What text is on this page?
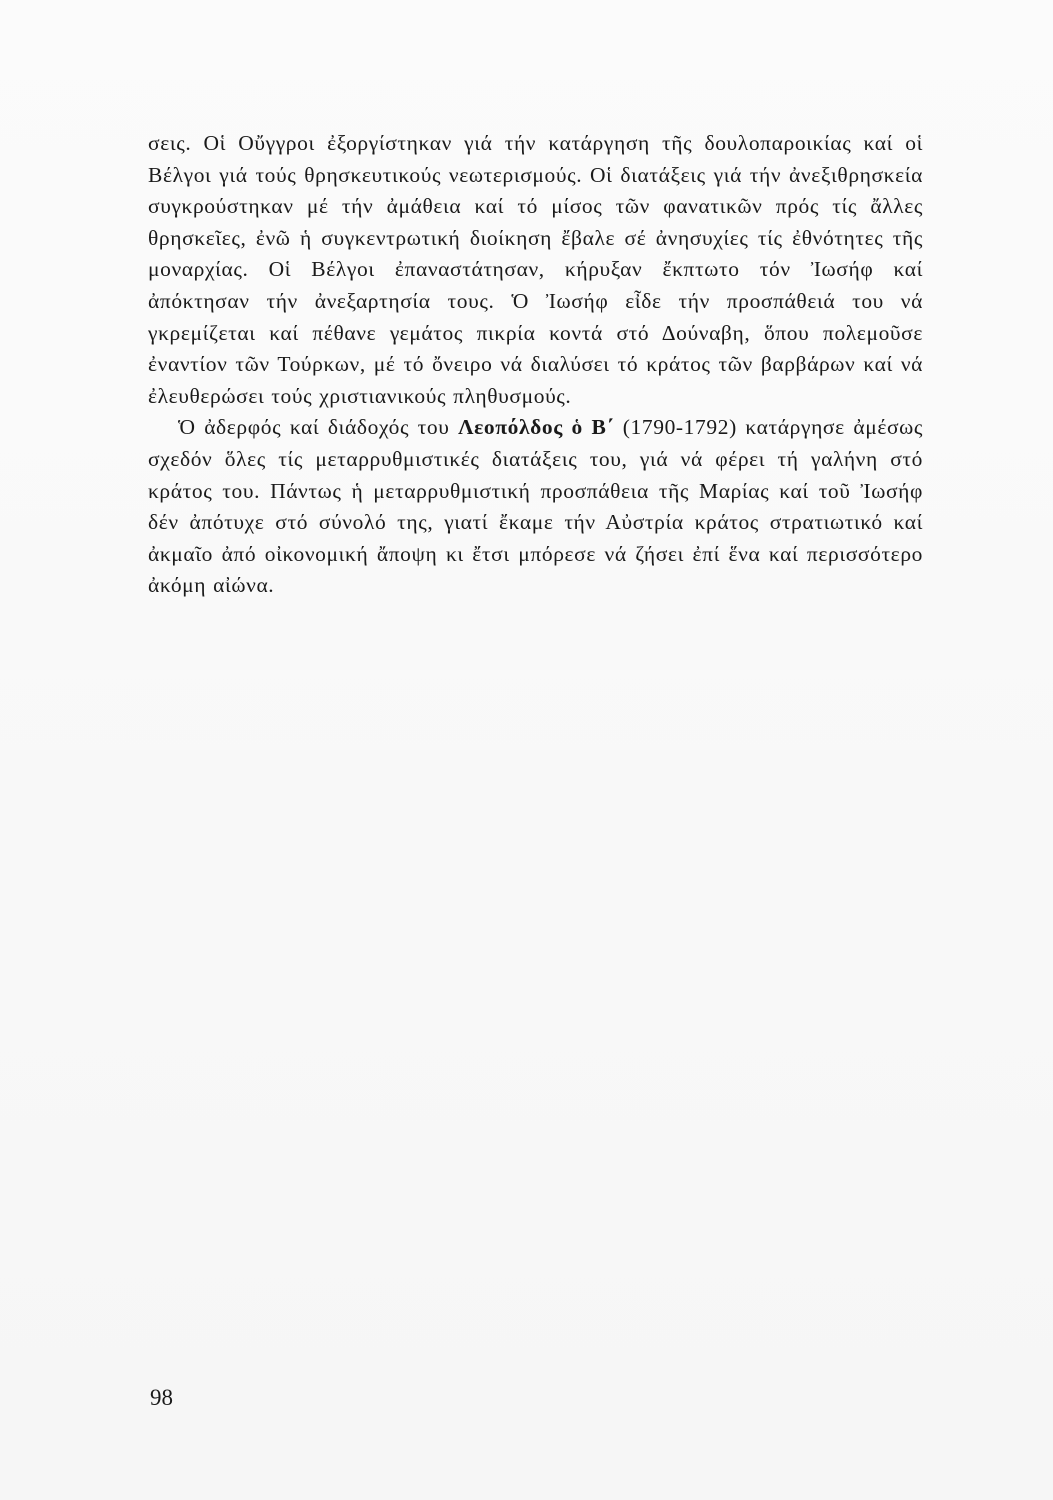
σεις. Οἱ Οὔγγροι ἐξοργίστηκαν γιά τήν κατάργηση τῆς δουλοπαροικίας καί οἱ Βέλγοι γιά τούς θρησκευτικούς νεωτερισμούς. Οἱ διατάξεις γιά τήν ἀνεξιθρησκεία συγκρούστηκαν μέ τήν ἀμάθεια καί τό μίσος τῶν φανατικῶν πρός τίς ἄλλες θρησκεῖες, ἐνῶ ἡ συγκεντρωτική διοίκηση ἔβαλε σέ ἀνησυχίες τίς ἐθνότητες τῆς μοναρχίας. Οἱ Βέλγοι ἐπαναστάτησαν, κήρυξαν ἔκπτωτο τόν Ἰωσήφ καί ἀπόκτησαν τήν ἀνεξαρτησία τους. Ὁ Ἰωσήφ εἶδε τήν προσπάθειά του νά γκρεμίζεται καί πέθανε γεμάτος πικρία κοντά στό Δούναβη, ὅπου πολεμοῦσε ἐναντίον τῶν Τούρκων, μέ τό ὄνειρο νά διαλύσει τό κράτος τῶν βαρβάρων καί νά ἐλευθερώσει τούς χριστιανικούς πληθυσμούς.

Ὁ ἀδερφός καί διάδοχός του Λεοπόλδος ὁ Β΄ (1790-1792) κατάργησε ἀμέσως σχεδόν ὅλες τίς μεταρρυθμιστικές διατάξεις του, γιά νά φέρει τή γαλήνη στό κράτος του. Πάντως ἡ μεταρρυθμιστική προσπάθεια τῆς Μαρίας καί τοῦ Ἰωσήφ δέν ἀπότυχε στό σύνολό της, γιατί ἔκαμε τήν Αὐστρία κράτος στρατιωτικό καί ἀκμαῖο ἀπό οἰκονομική ἄποψη κι ἔτσι μπόρεσε νά ζήσει ἐπί ἕνα καί περισσότερο ἀκόμη αἰώνα.

98
